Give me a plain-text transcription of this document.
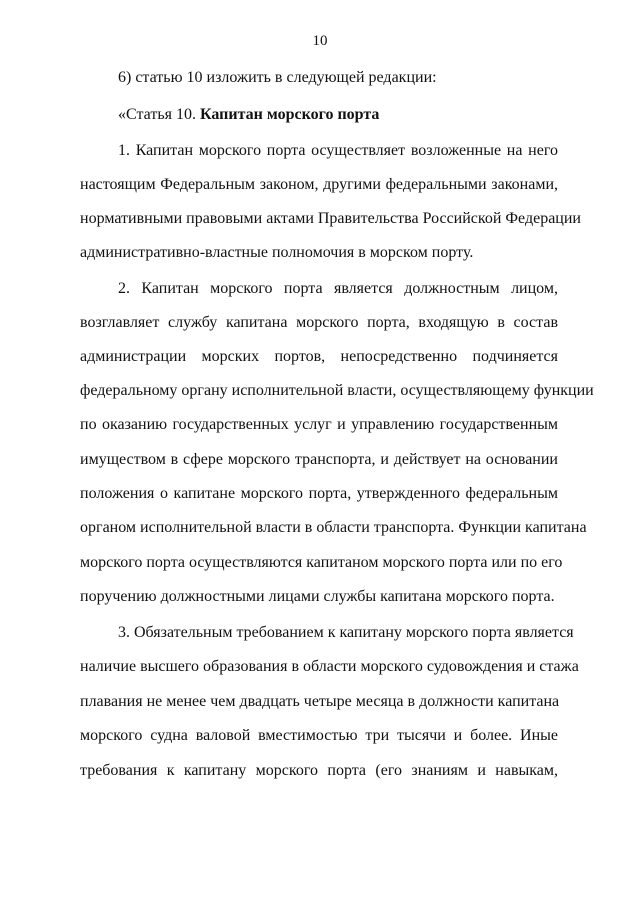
10
6) статью 10 изложить в следующей редакции:
«Статья 10. Капитан морского порта
1. Капитан морского порта осуществляет возложенные на него
настоящим Федеральным законом, другими федеральными законами,
нормативными правовыми актами Правительства Российской Федерации
административно-властные полномочия в морском порту.
2. Капитан морского порта является должностным лицом,
возглавляет службу капитана морского порта, входящую в состав
администрации морских портов, непосредственно подчиняется
федеральному органу исполнительной власти, осуществляющему функции
по оказанию государственных услуг и управлению государственным
имуществом в сфере морского транспорта, и действует на основании
положения о капитане морского порта, утвержденного федеральным
органом исполнительной власти в области транспорта. Функции капитана
морского порта осуществляются капитаном морского порта или по его
поручению должностными лицами службы капитана морского порта.
3. Обязательным требованием к капитану морского порта является
наличие высшего образования в области морского судовождения и стажа
плавания не менее чем двадцать четыре месяца в должности капитана
морского судна валовой вместимостью три тысячи и более. Иные
требования к капитану морского порта (его знаниям и навыкам,
